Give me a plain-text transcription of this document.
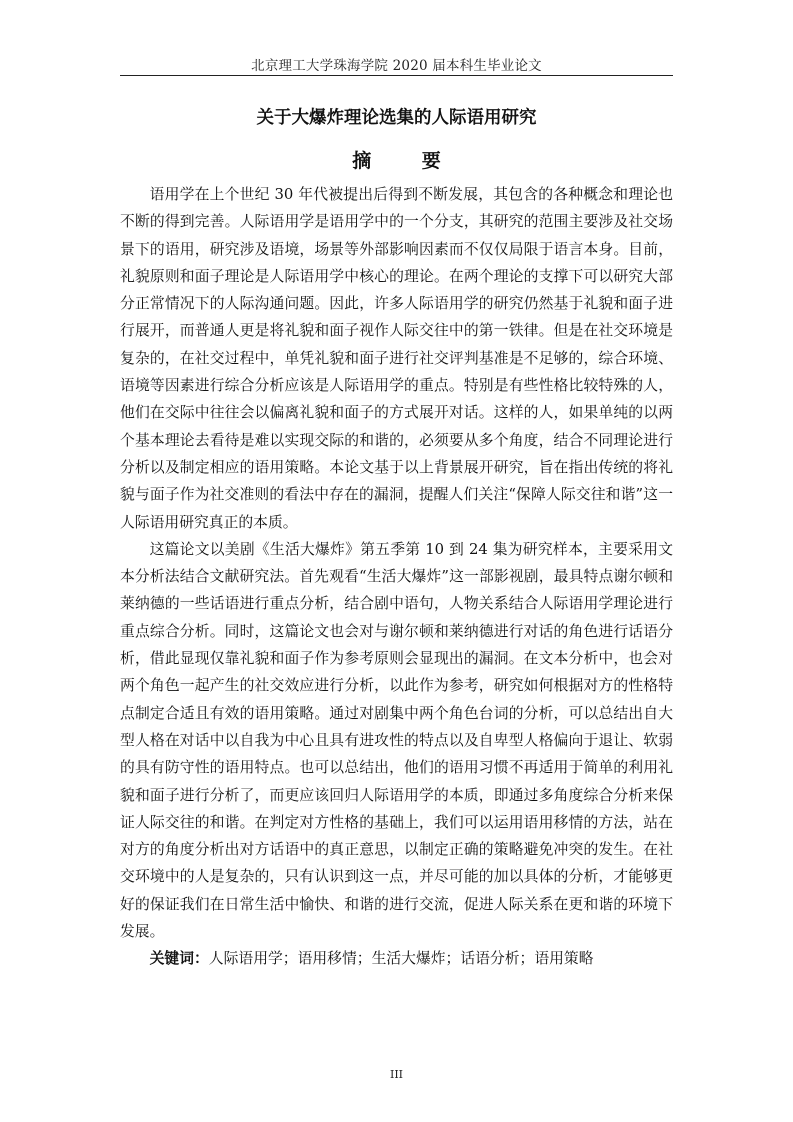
北京理工大学珠海学院 2020 届本科生毕业论文
关于大爆炸理论选集的人际语用研究
摘 要

语用学在上个世纪 30 年代被提出后得到不断发展，其包含的各种概念和理论也不断的得到完善。人际语用学是语用学中的一个分支，其研究的范围主要涉及社交场景下的语用，研究涉及语境，场景等外部影响因素而不仅仅局限于语言本身。目前，礼貌原则和面子理论是人际语用学中核心的理论。在两个理论的支撑下可以研究大部分正常情况下的人际沟通问题。因此，许多人际语用学的研究仍然基于礼貌和面子进行展开，而普通人更是将礼貌和面子视作人际交往中的第一铁律。但是在社交环境是复杂的，在社交过程中，单凭礼貌和面子进行社交评判基准是不足够的，综合环境、语境等因素进行综合分析应该是人际语用学的重点。特别是有些性格比较特殊的人，他们在交际中往往会以偏离礼貌和面子的方式展开对话。这样的人，如果单纯的以两个基本理论去看待是难以实现交际的和谐的，必须要从多个角度，结合不同理论进行分析以及制定相应的语用策略。本论文基于以上背景展开研究，旨在指出传统的将礼貌与面子作为社交准则的看法中存在的漏洞，提醒人们关注“保障人际交往和谐”这一人际语用研究真正的本质。

这篇论文以美剧《生活大爆炸》第五季第 10 到 24 集为研究样本，主要采用文本分析法结合文献研究法。首先观看“生活大爆炸”这一部影视剧，最具特点谢尔顿和莱纳德的一些话语进行重点分析，结合剧中语句，人物关系结合人际语用学理论进行重点综合分析。同时，这篇论文也会对与谢尔顿和莱纳德进行对话的角色进行话语分析，借此显现仅靠礼貌和面子作为参考原则会显现出的漏洞。在文本分析中，也会对两个角色一起产生的社交效应进行分析，以此作为参考，研究如何根据对方的性格特点制定合适且有效的语用策略。通过对剧集中两个角色台词的分析，可以总结出自大型人格在对话中以自我为中心且具有进攻性的特点以及自卑型人格偏向于退让、软弱的具有防守性的语用特点。也可以总结出，他们的语用习惯不再适用于简单的利用礼貌和面子进行分析了，而更应该回归人际语用学的本质，即通过多角度综合分析来保证人际交往的和谐。在判定对方性格的基础上，我们可以运用语用移情的方法，站在对方的角度分析出对方话语中的真正意思，以制定正确的策略避免冲突的发生。在社交环境中的人是复杂的，只有认识到这一点，并尽可能的加以具体的分析，才能够更好的保证我们在日常生活中愉快、和谐的进行交流，促进人际关系在更和谐的环境下发展。

关键词：人际语用学；语用移情；生活大爆炸；话语分析；语用策略

III
